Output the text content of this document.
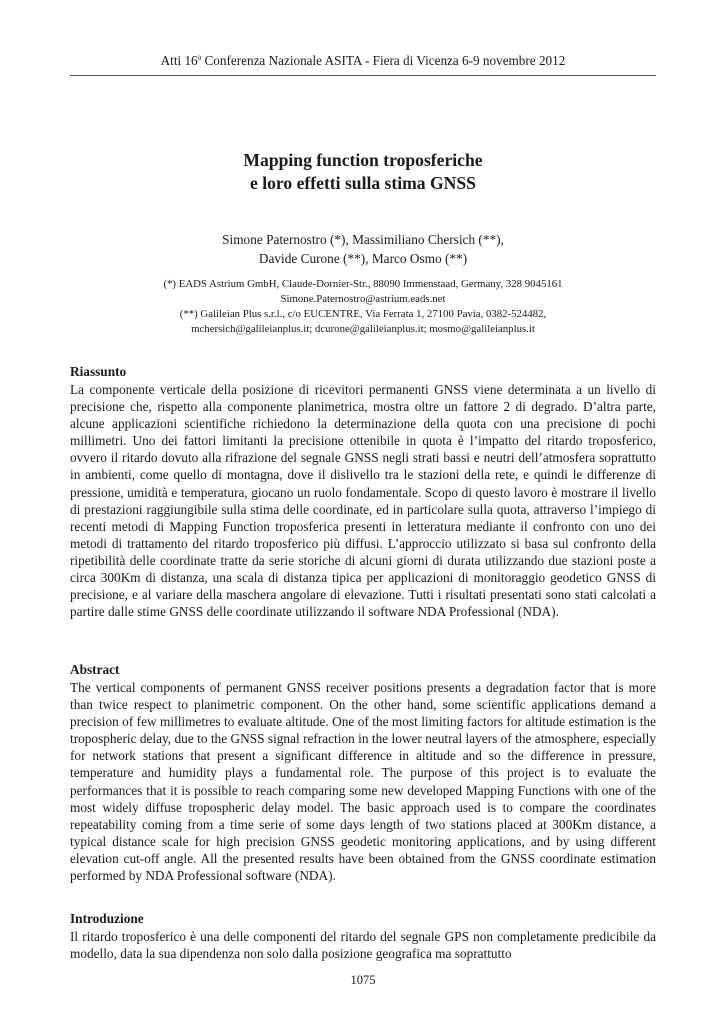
Atti 16$^a$ Conferenza Nazionale ASITA - Fiera di Vicenza 6-9 novembre 2012
Mapping function troposferiche
e loro effetti sulla stima GNSS
Simone Paternostro (*), Massimiliano Chersich (**),
Davide Curone (**), Marco Osmo (**)
(*) EADS Astrium GmbH, Claude-Dornier-Str., 88090 Immenstaad, Germany, 328 9045161
Simone.Paternostro@astrium.eads.net
(**) Galileian Plus s.r.l., c/o EUCENTRE, Via Ferrata 1, 27100 Pavia, 0382-524482,
mchersich@galileianplus.it; dcurone@galileianplus.it; mosmo@galileianplus.it
Riassunto

La componente verticale della posizione di ricevitori permanenti GNSS viene determinata a un livello di precisione che, rispetto alla componente planimetrica, mostra oltre un fattore 2 di degrado. D’altra parte, alcune applicazioni scientifiche richiedono la determinazione della quota con una precisione di pochi millimetri. Uno dei fattori limitanti la precisione ottenibile in quota è l’impatto del ritardo troposferico, ovvero il ritardo dovuto alla rifrazione del segnale GNSS negli strati bassi e neutri dell’atmosfera soprattutto in ambienti, come quello di montagna, dove il dislivello tra le stazioni della rete, e quindi le differenze di pressione, umidità e temperatura, giocano un ruolo fondamentale. Scopo di questo lavoro è mostrare il livello di prestazioni raggiungibile sulla stima delle coordinate, ed in particolare sulla quota, attraverso l’impiego di recenti metodi di Mapping Function troposferica presenti in letteratura mediante il confronto con uno dei metodi di trattamento del ritardo troposferico più diffusi. L’approccio utilizzato si basa sul confronto della ripetibilità delle coordinate tratte da serie storiche di alcuni giorni di durata utilizzando due stazioni poste a circa 300Km di distanza, una scala di distanza tipica per applicazioni di monitoraggio geodetico GNSS di precisione, e al variare della maschera angolare di elevazione. Tutti i risultati presentati sono stati calcolati a partire dalle stime GNSS delle coordinate utilizzando il software NDA Professional (NDA).

Abstract

The vertical components of permanent GNSS receiver positions presents a degradation factor that is more than twice respect to planimetric component. On the other hand, some scientific applications demand a precision of few millimetres to evaluate altitude. One of the most limiting factors for altitude estimation is the tropospheric delay, due to the GNSS signal refraction in the lower neutral layers of the atmosphere, especially for network stations that present a significant difference in altitude and so the difference in pressure, temperature and humidity plays a fundamental role. The purpose of this project is to evaluate the performances that it is possible to reach comparing some new developed Mapping Functions with one of the most widely diffuse tropospheric delay model. The basic approach used is to compare the coordinates repeatability coming from a time serie of some days length of two stations placed at 300Km distance, a typical distance scale for high precision GNSS geodetic monitoring applications, and by using different elevation cut-off angle. All the presented results have been obtained from the GNSS coordinate estimation performed by NDA Professional software (NDA).

Introduzione

Il ritardo troposferico è una delle componenti del ritardo del segnale GPS non completamente predicibile da modello, data la sua dipendenza non solo dalla posizione geografica ma soprattutto

1075
